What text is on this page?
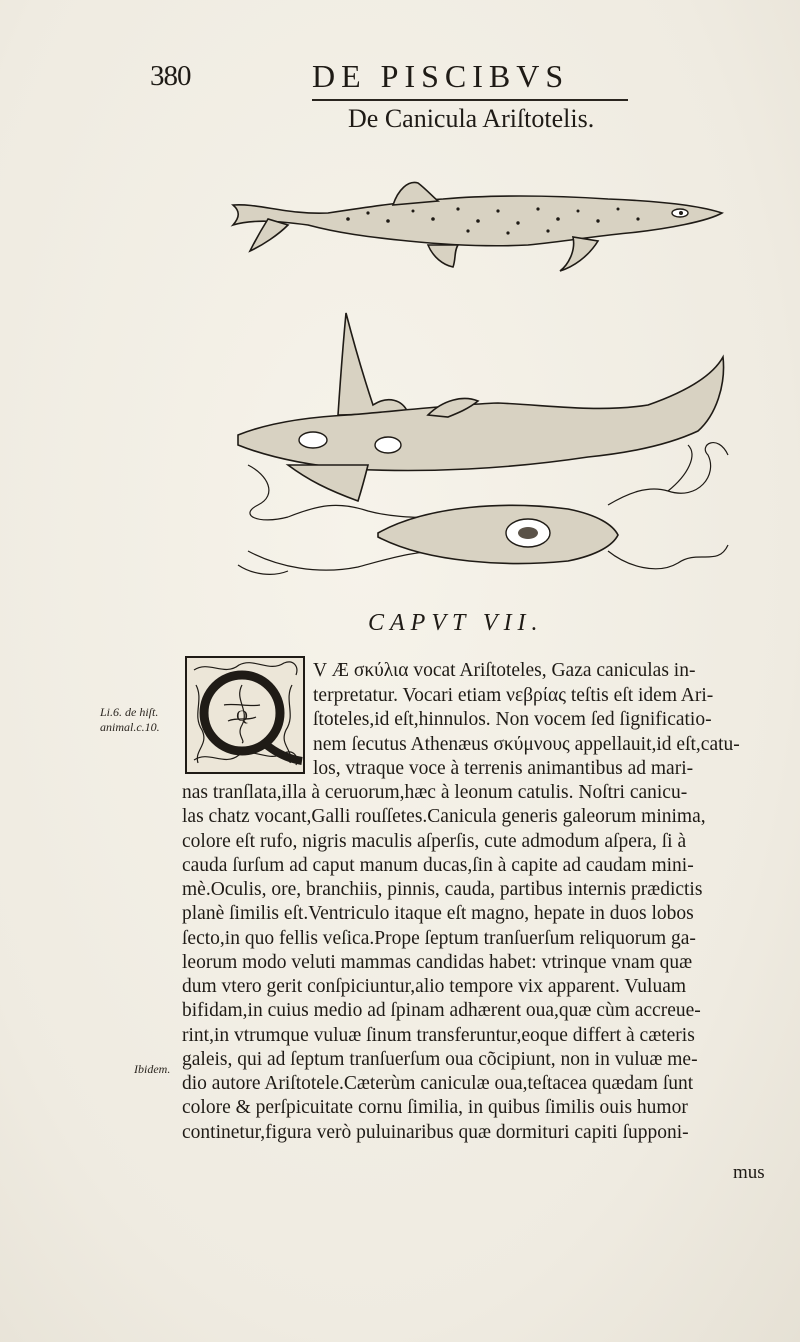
380	DE PISCIBVS
De Canicula Ariſtotelis.
CAPVT VII.
Q
Li.6. de hiſt. animal.c.10.
Ibidem.
V Æ σκύλια vocat Ariſtoteles, Gaza caniculas in-
terpretatur. Vocari etiam νεβρίας teſtis eſt idem Ari-
ſtoteles,id eſt,hinnulos. Non vocem ſed ſignificatio-
nem ſecutus Athenæus σκύμνους appellauit,id eſt,catu-
los, vtraque voce à terrenis animantibus ad mari-
nas tranſlata,illa à ceruorum,hæc à leonum catulis. Noſtri canicu-
las chatz vocant,Galli rouſſetes.Canicula generis galeorum minima,
colore eſt rufo, nigris maculis aſperſis, cute admodum aſpera, ſi à
cauda ſurſum ad caput manum ducas,ſin à capite ad caudam mini-
mè.Oculis, ore, branchiis, pinnis, cauda, partibus internis prædictis
planè ſimilis eſt.Ventriculo itaque eſt magno, hepate in duos lobos
ſecto,in quo fellis veſica.Prope ſeptum tranſuerſum reliquorum ga-
leorum modo veluti mammas candidas habet: vtrinque vnam quæ
dum vtero gerit conſpiciuntur,alio tempore vix apparent. Vuluam
bifidam,in cuius medio ad ſpinam adhærent oua,quæ cùm accreue-
rint,in vtrumque vuluæ ſinum transferuntur,eoque differt à cæteris
galeis, qui ad ſeptum tranſuerſum oua cõcipiunt, non in vuluæ me-
dio autore Ariſtotele.Cæterùm caniculæ oua,teſtacea quædam ſunt
colore & perſpicuitate cornu ſimilia, in quibus ſimilis ouis humor
continetur,figura verò puluinaribus quæ dormituri capiti ſupponi-
mus
